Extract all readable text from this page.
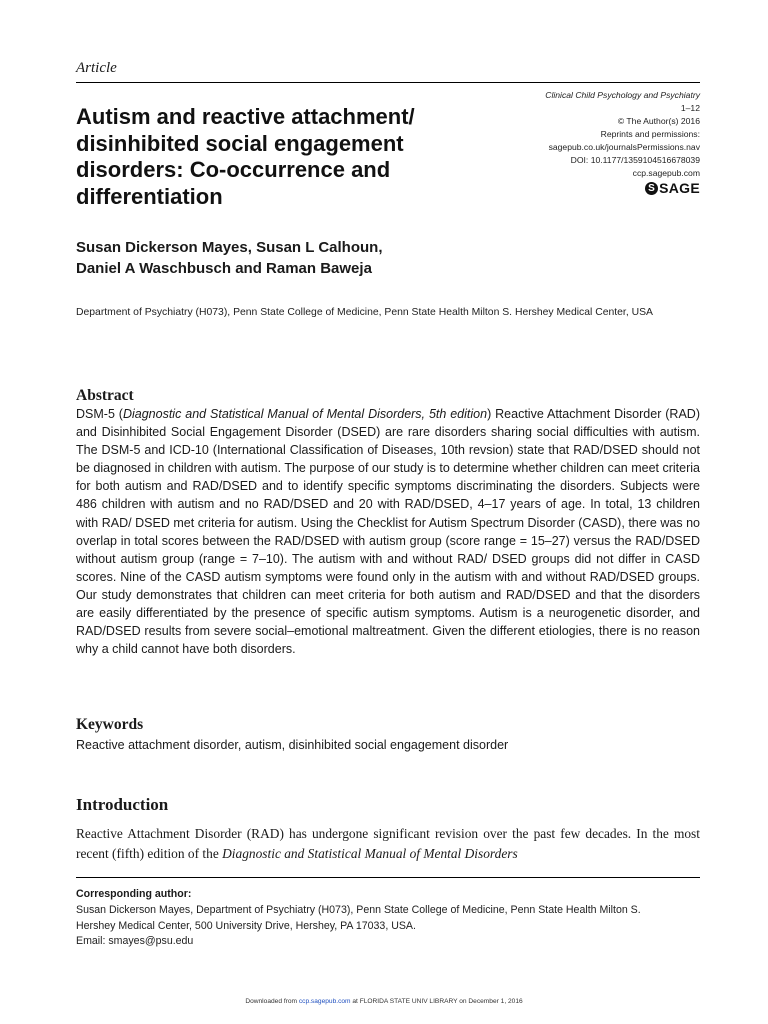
Article
Autism and reactive attachment/ disinhibited social engagement disorders: Co-occurrence and differentiation
Clinical Child Psychology and Psychiatry
1–12
© The Author(s) 2016
Reprints and permissions:
sagepub.co.uk/journalsPermissions.nav
DOI: 10.1177/1359104516678039
ccp.sagepub.com
S SAGE
Susan Dickerson Mayes, Susan L Calhoun,
Daniel A Waschbusch and Raman Baweja
Department of Psychiatry (H073), Penn State College of Medicine, Penn State Health Milton S. Hershey Medical Center, USA
Abstract

DSM-5 (Diagnostic and Statistical Manual of Mental Disorders, 5th edition) Reactive Attachment Disorder (RAD) and Disinhibited Social Engagement Disorder (DSED) are rare disorders sharing social difficulties with autism. The DSM-5 and ICD-10 (International Classification of Diseases, 10th revsion) state that RAD/DSED should not be diagnosed in children with autism. The purpose of our study is to determine whether children can meet criteria for both autism and RAD/DSED and to identify specific symptoms discriminating the disorders. Subjects were 486 children with autism and no RAD/DSED and 20 with RAD/DSED, 4–17 years of age. In total, 13 children with RAD/ DSED met criteria for autism. Using the Checklist for Autism Spectrum Disorder (CASD), there was no overlap in total scores between the RAD/DSED with autism group (score range = 15–27) versus the RAD/DSED without autism group (range = 7–10). The autism with and without RAD/ DSED groups did not differ in CASD scores. Nine of the CASD autism symptoms were found only in the autism with and without RAD/DSED groups. Our study demonstrates that children can meet criteria for both autism and RAD/DSED and that the disorders are easily differentiated by the presence of specific autism symptoms. Autism is a neurogenetic disorder, and RAD/DSED results from severe social–emotional maltreatment. Given the different etiologies, there is no reason why a child cannot have both disorders.

Keywords
Reactive attachment disorder, autism, disinhibited social engagement disorder
Introduction

Reactive Attachment Disorder (RAD) has undergone significant revision over the past few decades. In the most recent (fifth) edition of the Diagnostic and Statistical Manual of Mental Disorders

Corresponding author:
Susan Dickerson Mayes, Department of Psychiatry (H073), Penn State College of Medicine, Penn State Health Milton S.
Hershey Medical Center, 500 University Drive, Hershey, PA 17033, USA.
Email: smayes@psu.edu
Downloaded from ccp.sagepub.com at FLORIDA STATE UNIV LIBRARY on December 1, 2016
